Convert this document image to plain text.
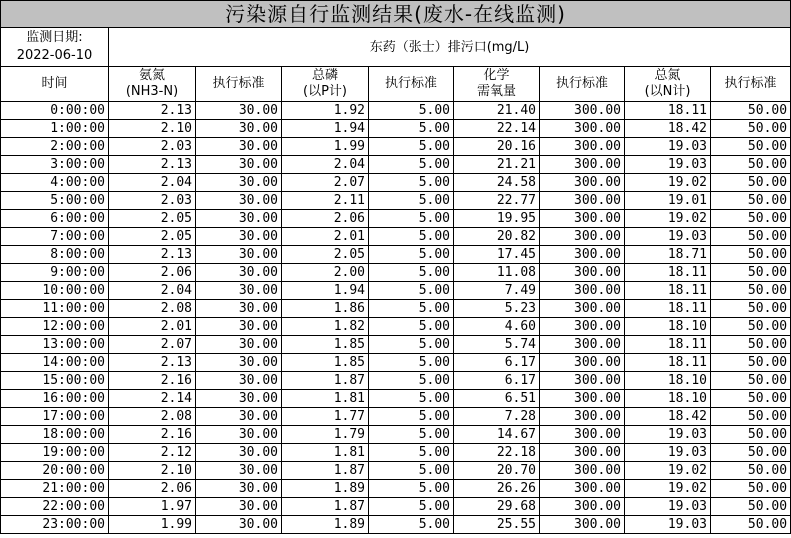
污染源自行监测结果(废水-在线监测)								

监测日期:
2022-06-10	东药（张士）排污口(mg/L)							

时间	氨氮
(NH3-N)	执行标准	总磷
(以P计)	执行标准	化学
需氧量	执行标准	总氮
(以N计)	执行标准

0:00:00	2.13	30.00	1.92	5.00	21.40	300.00	18.11	50.00
1:00:00	2.10	30.00	1.94	5.00	22.14	300.00	18.42	50.00
2:00:00	2.03	30.00	1.99	5.00	20.16	300.00	19.03	50.00
3:00:00	2.13	30.00	2.04	5.00	21.21	300.00	19.03	50.00
4:00:00	2.04	30.00	2.07	5.00	24.58	300.00	19.02	50.00
5:00:00	2.03	30.00	2.11	5.00	22.77	300.00	19.01	50.00
6:00:00	2.05	30.00	2.06	5.00	19.95	300.00	19.02	50.00
7:00:00	2.05	30.00	2.01	5.00	20.82	300.00	19.03	50.00
8:00:00	2.13	30.00	2.05	5.00	17.45	300.00	18.71	50.00
9:00:00	2.06	30.00	2.00	5.00	11.08	300.00	18.11	50.00
10:00:00	2.04	30.00	1.94	5.00	7.49	300.00	18.11	50.00
11:00:00	2.08	30.00	1.86	5.00	5.23	300.00	18.11	50.00
12:00:00	2.01	30.00	1.82	5.00	4.60	300.00	18.10	50.00
13:00:00	2.07	30.00	1.85	5.00	5.74	300.00	18.11	50.00
14:00:00	2.13	30.00	1.85	5.00	6.17	300.00	18.11	50.00
15:00:00	2.16	30.00	1.87	5.00	6.17	300.00	18.10	50.00
16:00:00	2.14	30.00	1.81	5.00	6.51	300.00	18.10	50.00
17:00:00	2.08	30.00	1.77	5.00	7.28	300.00	18.42	50.00
18:00:00	2.16	30.00	1.79	5.00	14.67	300.00	19.03	50.00
19:00:00	2.12	30.00	1.81	5.00	22.18	300.00	19.03	50.00
20:00:00	2.10	30.00	1.87	5.00	20.70	300.00	19.02	50.00
21:00:00	2.06	30.00	1.89	5.00	26.26	300.00	19.02	50.00
22:00:00	1.97	30.00	1.87	5.00	29.68	300.00	19.03	50.00
23:00:00	1.99	30.00	1.89	5.00	25.55	300.00	19.03	50.00
